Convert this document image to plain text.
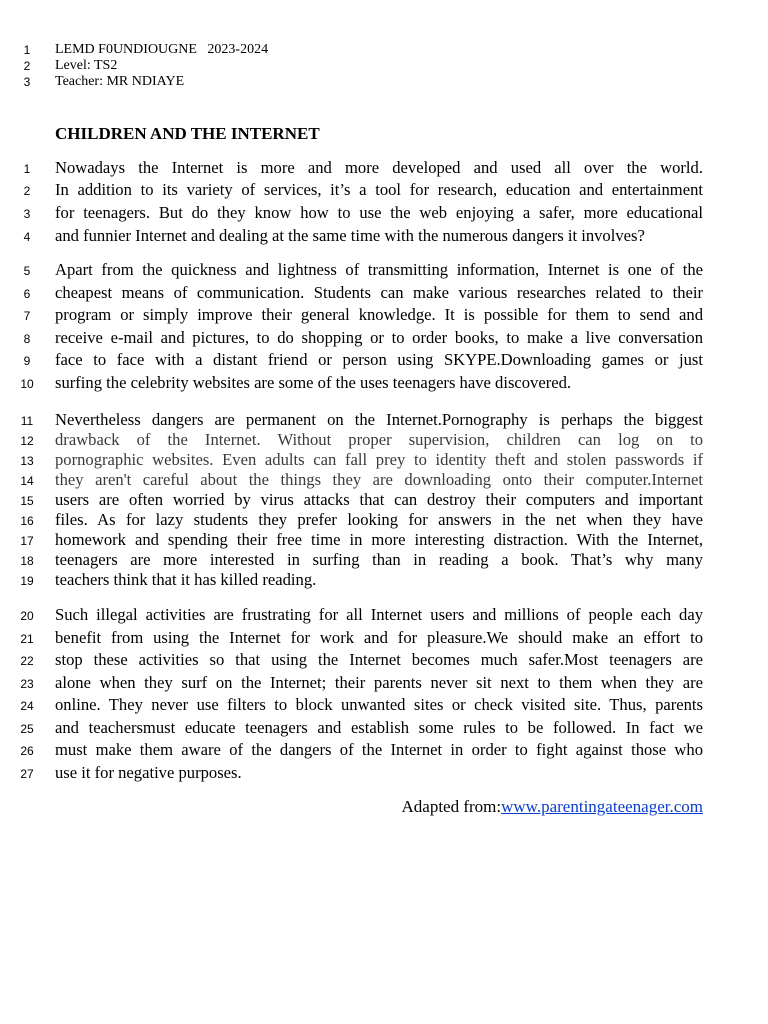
1
2
3
LEMD F0UNDIOUGNE   2023-2024
Level: TS2
Teacher: MR NDIAYE
CHILDREN AND THE INTERNET
1
2
3
4
5
6
7
8
9
10
11
12
13
14
15
16
17
18
19
20
21
22
23
24
25
26
27
Nowadays the Internet is more and more developed and used all over the world.
In addition to its variety of services, it’s a tool for research, education and entertainment
for teenagers. But do they know how to use the web enjoying a safer, more educational
and funnier Internet and dealing at the same time with the numerous dangers it involves?
Apart from the quickness and lightness of transmitting information, Internet is one of the
cheapest means of communication. Students can make various researches related to their
program or simply improve their general knowledge. It is possible for them to send and
receive e-mail and pictures, to do shopping or to order books, to make a live conversation
face to face with a distant friend or person using SKYPE.Downloading games or just
surfing the celebrity websites are some of the uses teenagers have discovered.
Nevertheless dangers are permanent on the Internet.Pornography is perhaps the biggest
drawback of the Internet. Without proper supervision, children can log on to
pornographic websites. Even adults can fall prey to identity theft and stolen passwords if
they aren't careful about the things they are downloading onto their computer.Internet
users are often worried by virus attacks that can destroy their computers and important
files. As for lazy students they prefer looking for answers in the net when they have
homework and spending their free time in more interesting distraction. With the Internet,
teenagers are more interested in surfing than in reading a book. That’s why many
teachers think that it has killed reading.
Such illegal activities are frustrating for all Internet users and millions of people each day
benefit from using the Internet for work and for pleasure.We should make an effort to
stop these activities so that using the Internet becomes much safer.Most teenagers are
alone when they surf on the Internet; their parents never sit next to them when they are
online. They never use filters to block unwanted sites or check visited site. Thus, parents
and teachersmust educate teenagers and establish some rules to be followed. In fact we
must make them aware of the dangers of the Internet in order to fight against those who
use it for negative purposes.
Adapted from:www.parentingateenager.com
